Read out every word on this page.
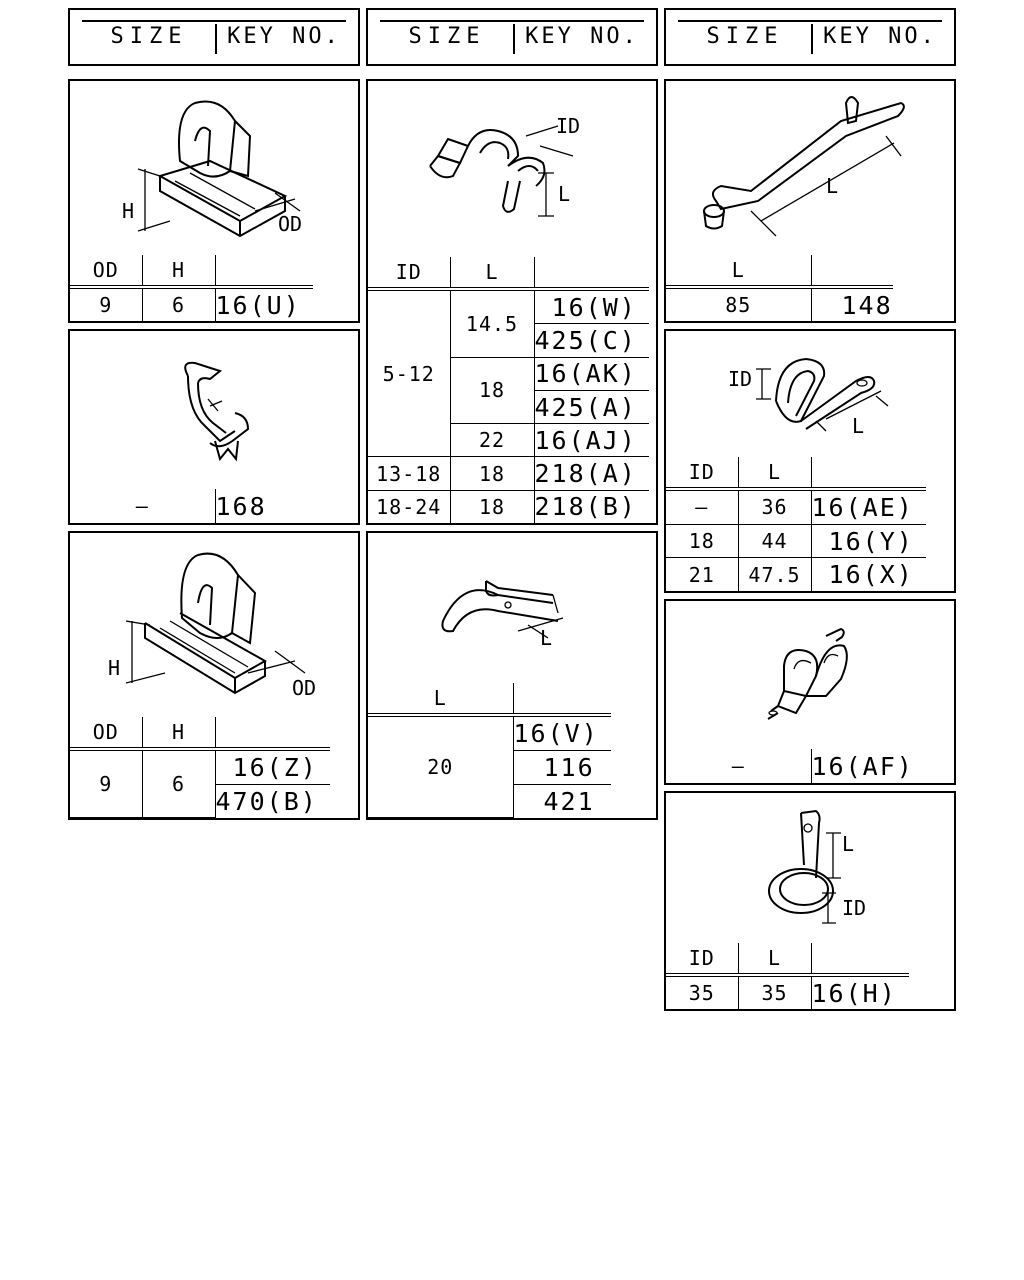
SIZE	KEY NO.	SIZE	KEY NO.	SIZE	KEY NO.
H
OD
OD	H	
9	6	16(U)
—	168
H
OD
OD	H	
9	6	16(Z)
		470(B)
ID
L
ID	L	
5-12	14.5	16(W)
		425(C)
	18	16(AK)
		425(A)
	22	16(AJ)
13-18	18	218(A)
18-24	18	218(B)
L
L	
20	16(V)
	116
	421
L
L	
85	148
ID
L
ID	L	
—	36	16(AE)
18	44	16(Y)
21	47.5	16(X)
—	16(AF)
L
ID
ID	L	
35	35	16(H)
